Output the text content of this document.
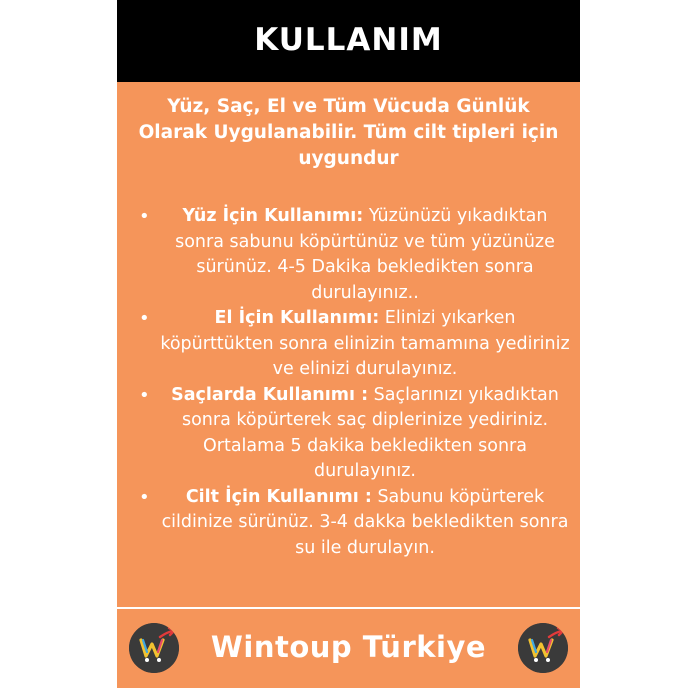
KULLANIM
Yüz, Saç, El ve Tüm Vücuda Günlük Olarak Uygulanabilir. Tüm cilt tipleri için uygundur
• Yüz İçin Kullanımı: Yüzünüzü yıkadıktan sonra sabunu köpürtünüz ve tüm yüzünüze sürünüz. 4-5 Dakika bekledikten sonra durulayınız..
•	El İçin Kullanımı: Elinizi yıkarken köpürttükten sonra elinizin tamamına yediriniz ve elinizi durulayınız.
• Saçlarda Kullanımı : Saçlarınızı yıkadıktan sonra köpürterek saç diplerinize yediriniz. Ortalama 5 dakika bekledikten sonra durulayınız.
• Cilt İçin Kullanımı : Sabunu köpürterek cildinize sürünüz. 3-4 dakka bekledikten sonra su ile durulayın.
Wintoup Türkiye
